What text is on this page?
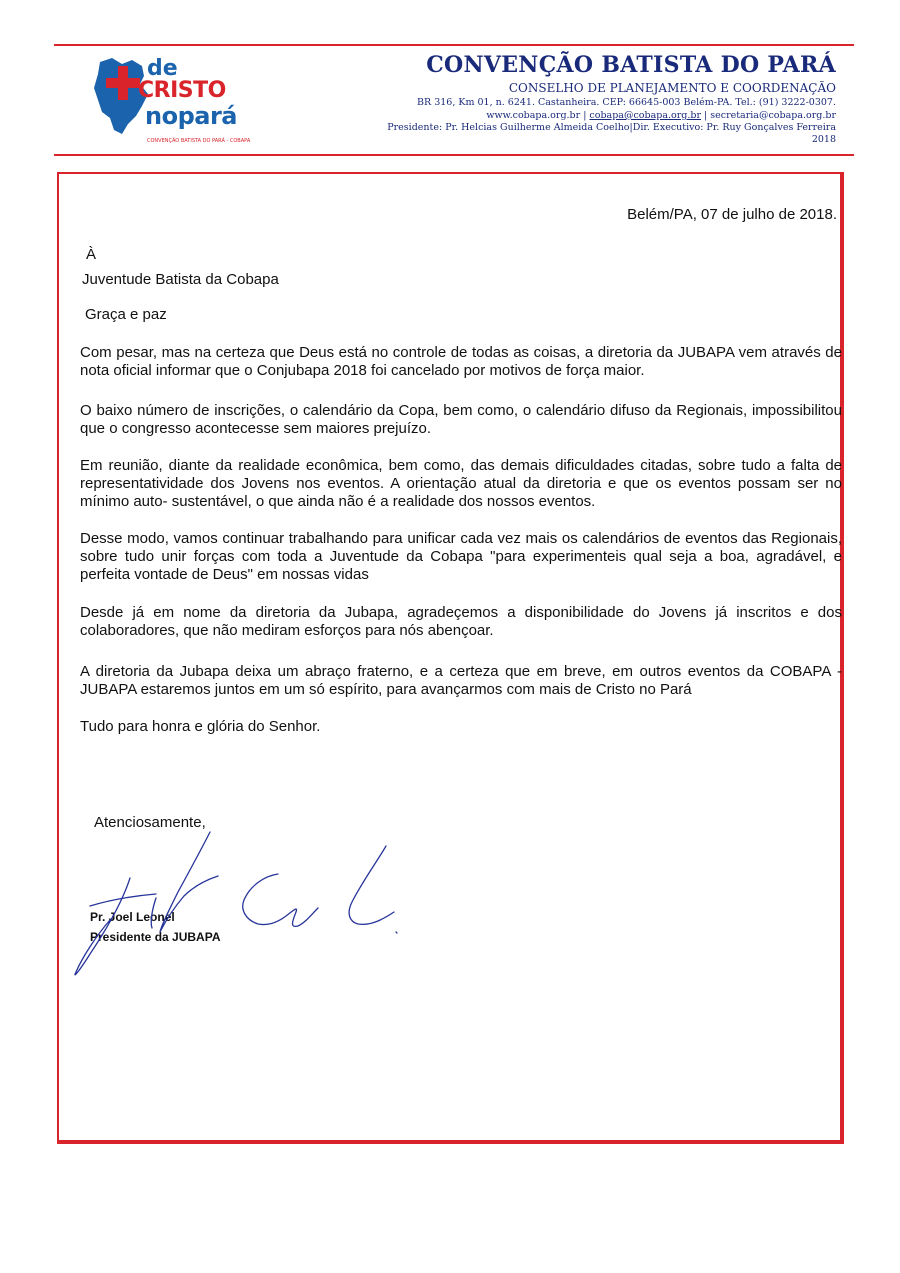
de
CRISTO
nopará
CONVENÇÃO BATISTA DO PARÁ - COBAPA
CONVENÇÃO BATISTA DO PARÁ
CONSELHO DE PLANEJAMENTO E COORDENAÇÃO
BR 316, Km 01, n. 6241. Castanheira. CEP: 66645-003 Belém-PA. Tel.: (91) 3222-0307.
www.cobapa.org.br | cobapa@cobapa.org.br | secretaria@cobapa.org.br
Presidente: Pr. Helcias Guilherme Almeida Coelho|Dir. Executivo: Pr. Ruy Gonçalves Ferreira
2018
Belém/PA, 07 de julho de 2018.
À
Juventude Batista da Cobapa
Graça e paz
Com pesar, mas na certeza que Deus está no controle de todas as coisas, a diretoria da JUBAPA vem através de nota oficial informar que o Conjubapa 2018 foi cancelado por motivos de força maior.
O baixo número de inscrições, o calendário da Copa, bem como, o calendário difuso da Regionais, impossibilitou que o congresso acontecesse sem maiores prejuízo.
Em reunião, diante da realidade econômica, bem como, das demais dificuldades citadas, sobre tudo a falta de representatividade dos Jovens nos eventos. A orientação atual da diretoria e que os eventos possam ser no mínimo auto- sustentável, o que ainda não é a realidade dos nossos eventos.
Desse modo, vamos continuar trabalhando para unificar cada vez mais os calendários de eventos das Regionais, sobre tudo unir forças com toda a Juventude da Cobapa "para experimenteis qual seja a boa, agradável, e perfeita vontade de Deus" em nossas vidas
Desde já em nome da diretoria da Jubapa, agradeçemos a disponibilidade do Jovens já inscritos e dos colaboradores, que não mediram esforços para nós abençoar.
A diretoria da Jubapa deixa um abraço fraterno, e a certeza que em breve, em outros eventos da COBAPA - JUBAPA estaremos juntos em um só espírito, para avançarmos com mais de Cristo no Pará
Tudo para honra e glória do Senhor.
Atenciosamente,
Pr. Joel Leonel
Presidente da JUBAPA
